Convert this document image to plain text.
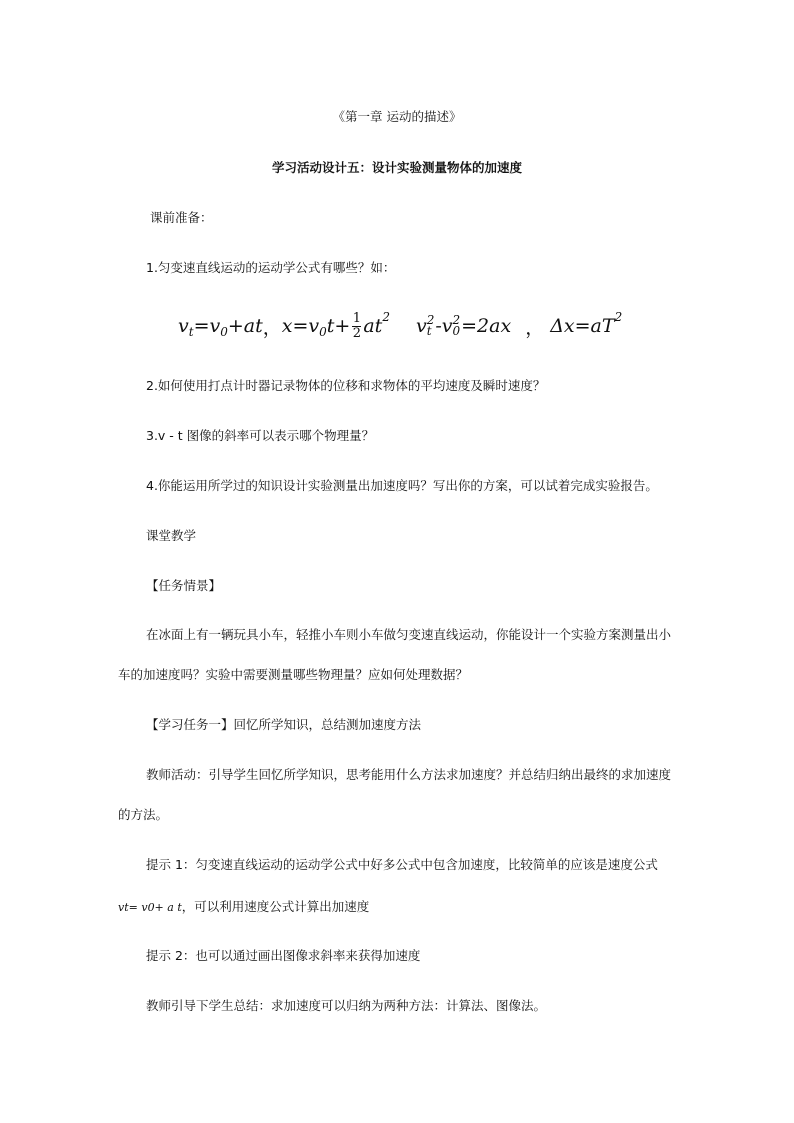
《第一章 运动的描述》
学习活动设计五：设计实验测量物体的加速度
课前准备：
1.匀变速直线运动的运动学公式有哪些？如：
v t =v 0 +at ， x=v 0 t+ 1
2 at 2 v 2
t -v 2
0 =2ax ， Δx=aT 2
2.如何使用打点计时器记录物体的位移和求物体的平均速度及瞬时速度？
3.v - t 图像的斜率可以表示哪个物理量？
4.你能运用所学过的知识设计实验测量出加速度吗？写出你的方案，可以试着完成实验报告。
课堂教学
【任务情景】
在冰面上有一辆玩具小车，轻推小车则小车做匀变速直线运动，你能设计一个实验方案测量出小
车的加速度吗？实验中需要测量哪些物理量？应如何处理数据？
【学习任务一】回忆所学知识，总结测加速度方法
教师活动：引导学生回忆所学知识，思考能用什么方法求加速度？并总结归纳出最终的求加速度
的方法。
提示 1：匀变速直线运动的运动学公式中好多公式中包含加速度，比较简单的应该是速度公式
vt= v0+ a t，可以利用速度公式计算出加速度
提示 2：也可以通过画出图像求斜率来获得加速度
教师引导下学生总结：求加速度可以归纳为两种方法：计算法、图像法。
